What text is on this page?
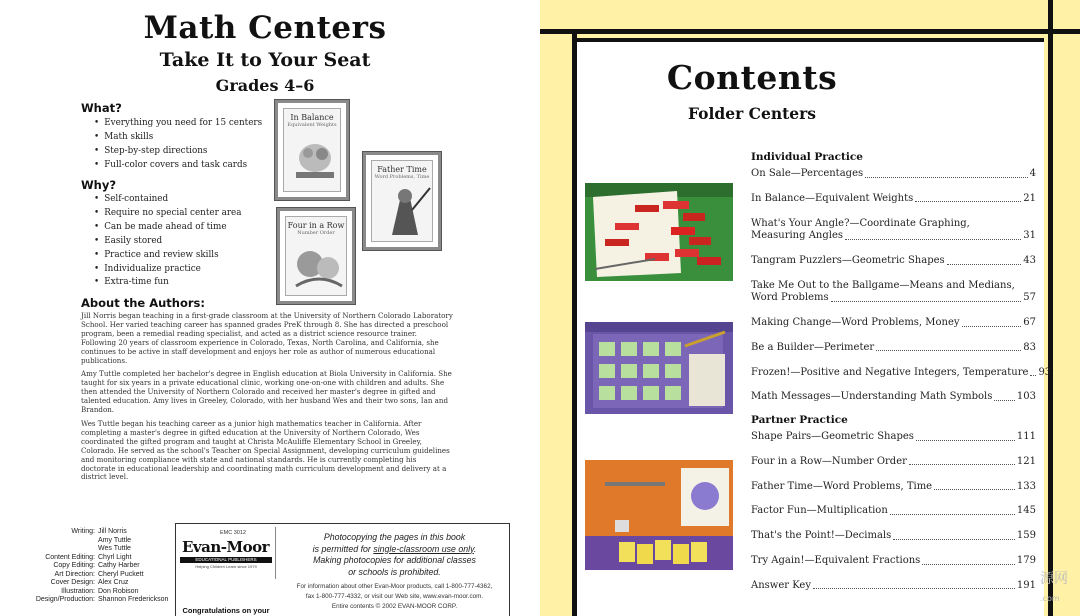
Math Centers
Take It to Your Seat
Grades 4–6
What?
• Everything you need for 15 centers
• Math skills
• Step-by-step directions
• Full-color covers and task cards
Why?
• Self-contained
• Require no special center area
• Can be made ahead of time
• Easily stored
• Practice and review skills
• Individualize practice
• Extra-time fun
In Balance
Equivalent Weights
Father Time
Word Problems, Time
Four in a Row
Number Order
About the Authors:

Jill Norris began teaching in a first-grade classroom at the University of Northern Colorado Laboratory School. Her varied teaching career has spanned grades PreK through 8. She has directed a preschool program, been a remedial reading specialist, and acted as a district science resource trainer. Following 20 years of classroom experience in Colorado, Texas, North Carolina, and California, she continues to be active in staff development and enjoys her role as author of numerous educational publications.

Amy Tuttle completed her bachelor's degree in English education at Biola University in California. She taught for six years in a private educational clinic, working one-on-one with children and adults. She then attended the University of Northern Colorado and received her master's degree in gifted and talented education. Amy lives in Greeley, Colorado, with her husband Wes and their two sons, Ian and Brandon.

Wes Tuttle began his teaching career as a junior high mathematics teacher in California. After completing a master's degree in gifted education at the University of Northern Colorado, Wes coordinated the gifted program and taught at Christa McAuliffe Elementary School in Greeley, Colorado. He served as the school's Teacher on Special Assignment, developing curriculum guidelines and monitoring compliance with state and national standards. He is currently completing his doctorate in educational leadership and coordinating math curriculum development and delivery at a district level.

Writing: Jill Norris
Amy Tuttle
Wes Tuttle
Content Editing: Chyrl Light
Copy Editing: Cathy Harber
Art Direction: Cheryl Puckett
Cover Design: Alex Cruz
Illustration: Don Robison
Design/Production: Shannon Frederickson
EMC 3012
Evan-Moor
EDUCATIONAL PUBLISHERS
Helping Children Learn since 1979
Photocopying the pages in this book
is permitted for single-classroom use only.
Making photocopies for additional classes
or schools is prohibited.
For information about other Evan-Moor products, call 1-800-777-4362,
fax 1-800-777-4332, or visit our Web site, www.evan-moor.com.
Entire contents © 2002 EVAN-MOOR CORP.
Congratulations on your
Contents
Folder Centers
Individual Practice
On Sale—Percentages	4
In Balance—Equivalent Weights	21
What's Your Angle?—Coordinate Graphing,
Measuring Angles	31
Tangram Puzzlers—Geometric Shapes	43
Take Me Out to the Ballgame—Means and Medians,
Word Problems	57
Making Change—Word Problems, Money	67
Be a Builder—Perimeter	83
Frozen!—Positive and Negative Integers, Temperature 93
Math Messages—Understanding Math Symbols 103
Partner Practice
Shape Pairs—Geometric Shapes	111
Four in a Row—Number Order	121
Father Time—Word Problems, Time	133
Factor Fun—Multiplication	145
That's the Point!—Decimals	159
Try Again!—Equivalent Fractions	179
Answer Key	191 源网
.com
